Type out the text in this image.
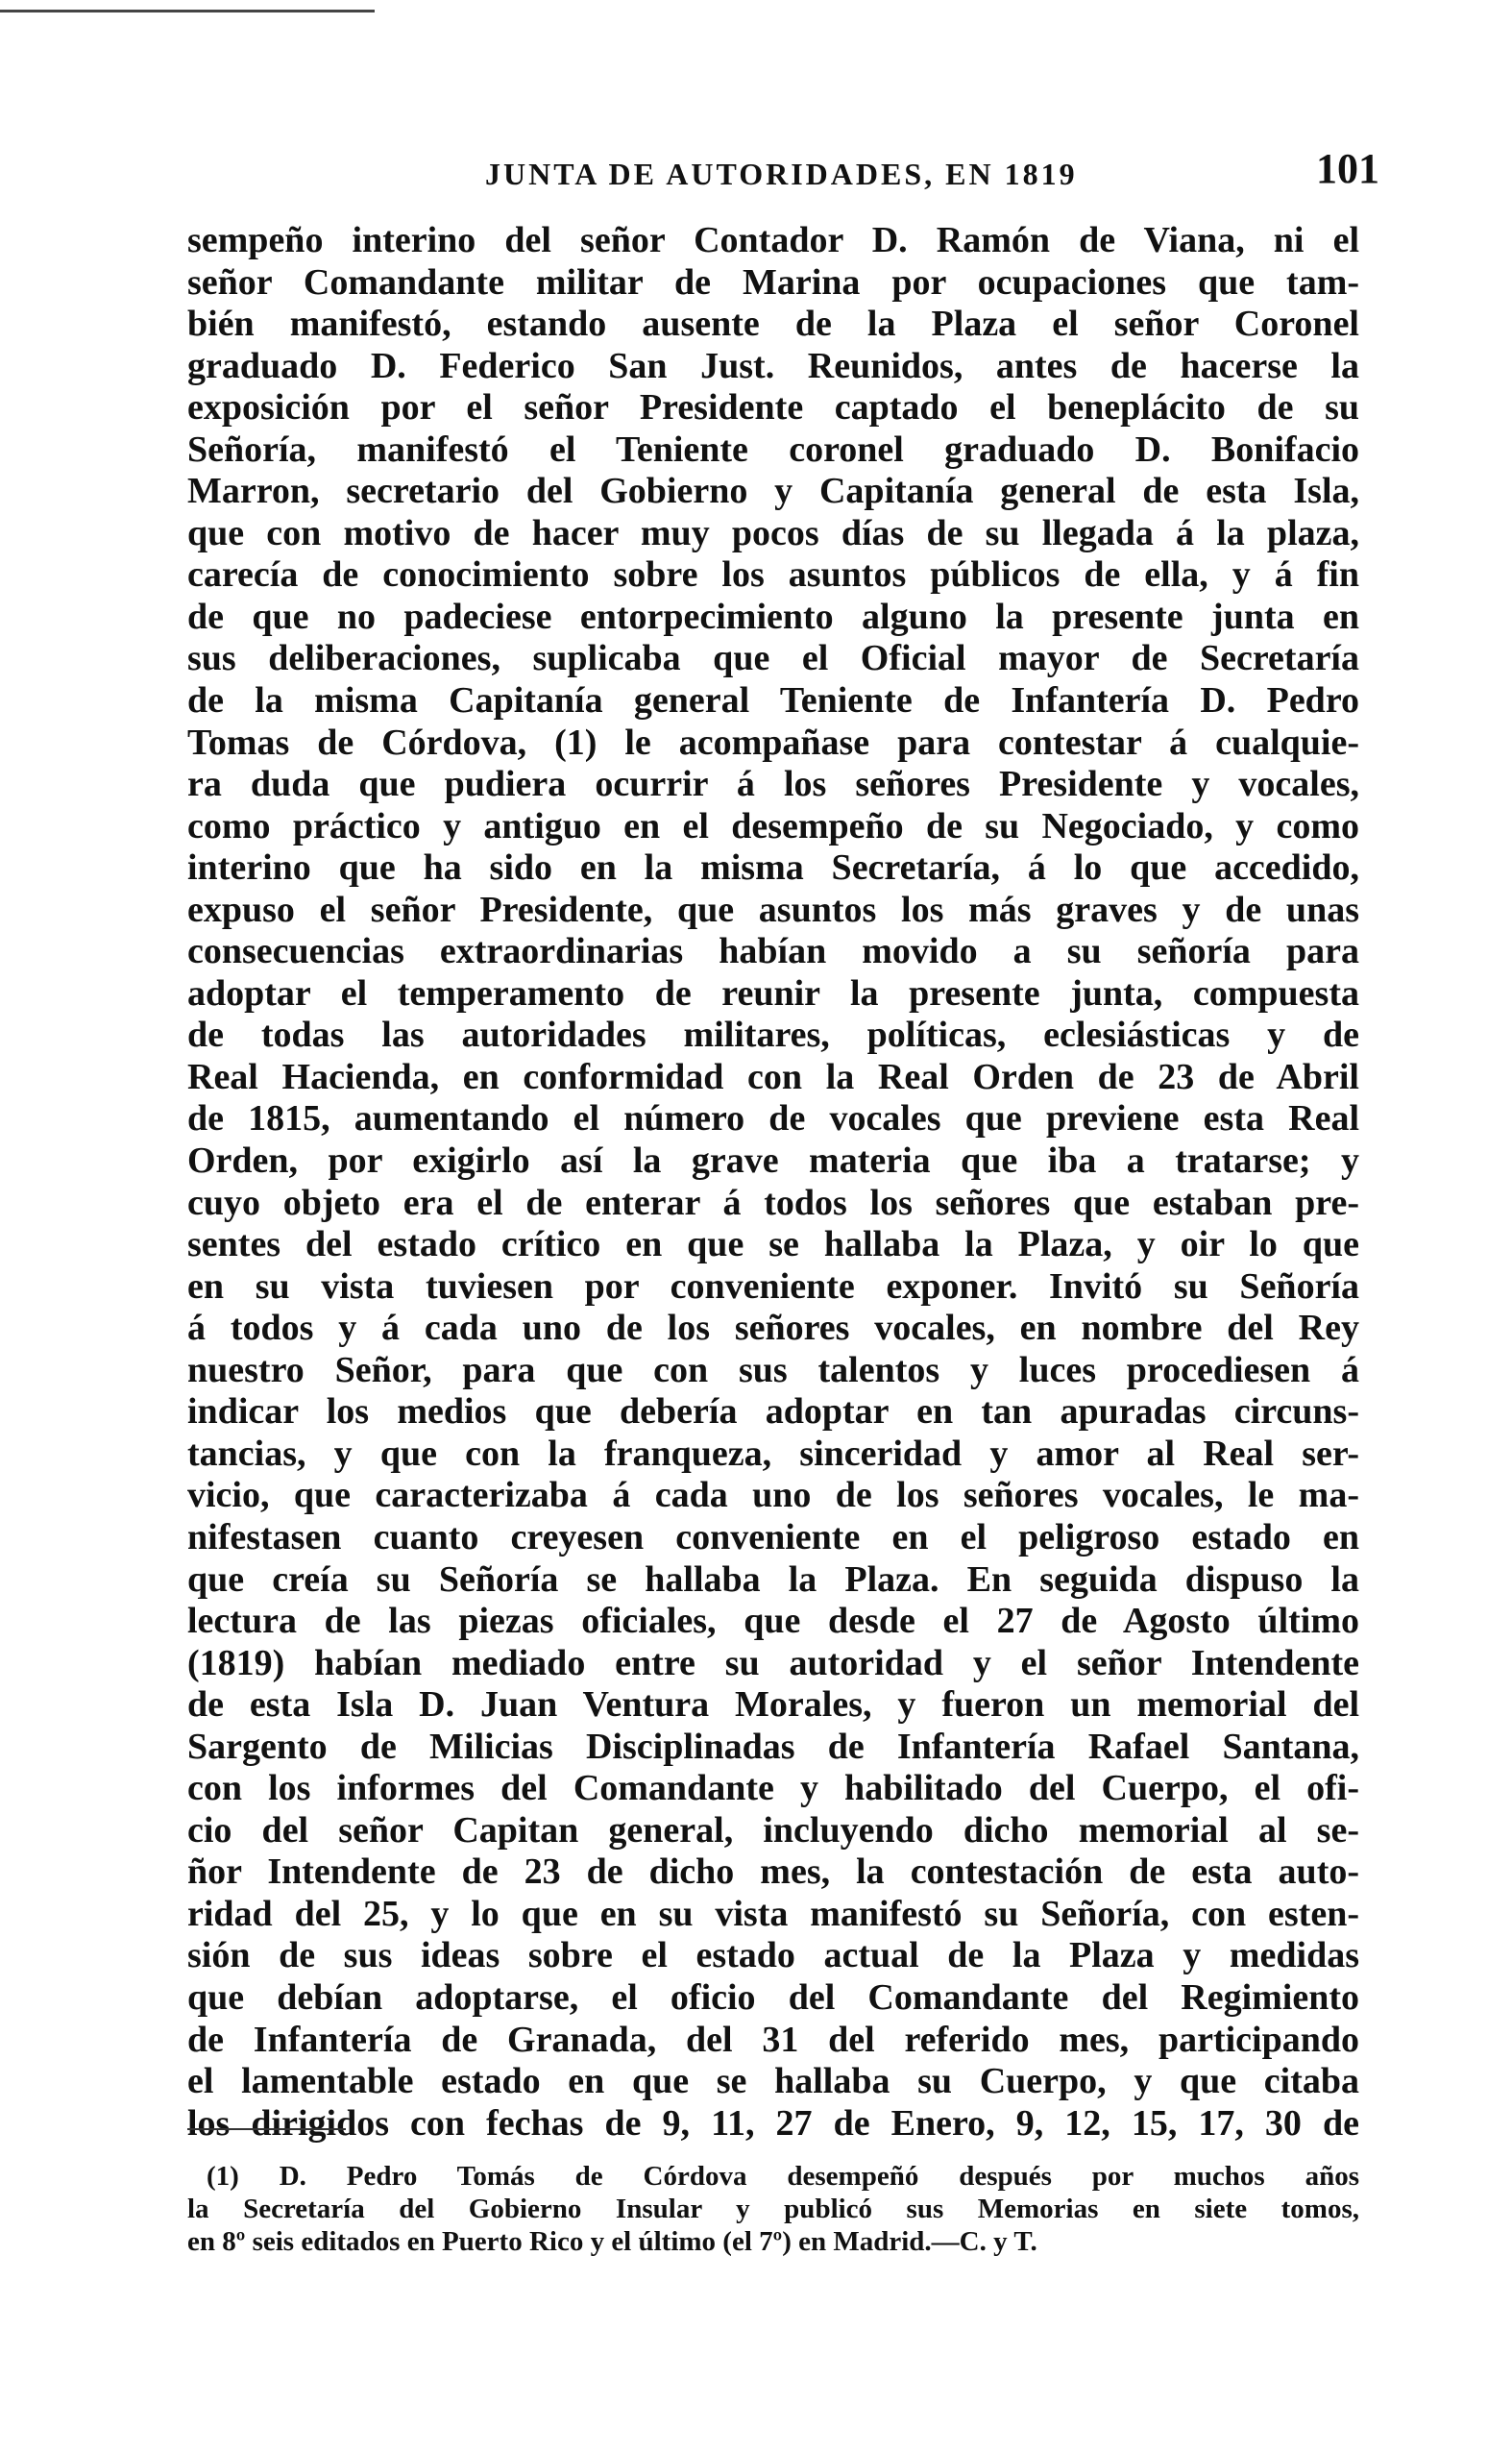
JUNTA DE AUTORIDADES, EN 1819	101
sempeño interino del señor Contador D. Ramón de Viana, ni el
señor Comandante militar de Marina por ocupaciones que tam-
bién manifestó, estando ausente de la Plaza el señor Coronel
graduado D. Federico San Just. Reunidos, antes de hacerse la
exposición por el señor Presidente captado el beneplácito de su
Señoría, manifestó el Teniente coronel graduado D. Bonifacio
Marron, secretario del Gobierno y Capitanía general de esta Isla,
que con motivo de hacer muy pocos días de su llegada á la plaza,
carecía de conocimiento sobre los asuntos públicos de ella, y á fin
de que no padeciese entorpecimiento alguno la presente junta en
sus deliberaciones, suplicaba que el Oficial mayor de Secretaría
de la misma Capitanía general Teniente de Infantería D. Pedro
Tomas de Córdova, (1) le acompañase para contestar á cualquie-
ra duda que pudiera ocurrir á los señores Presidente y vocales,
como práctico y antiguo en el desempeño de su Negociado, y como
interino que ha sido en la misma Secretaría, á lo que accedido,
expuso el señor Presidente, que asuntos los más graves y de unas
consecuencias extraordinarias habían movido a su señoría para
adoptar el temperamento de reunir la presente junta, compuesta
de todas las autoridades militares, políticas, eclesiásticas y de
Real Hacienda, en conformidad con la Real Orden de 23 de Abril
de 1815, aumentando el número de vocales que previene esta Real
Orden, por exigirlo así la grave materia que iba a tratarse; y
cuyo objeto era el de enterar á todos los señores que estaban pre-
sentes del estado crítico en que se hallaba la Plaza, y oir lo que
en su vista tuviesen por conveniente exponer. Invitó su Señoría
á todos y á cada uno de los señores vocales, en nombre del Rey
nuestro Señor, para que con sus talentos y luces procediesen á
indicar los medios que debería adoptar en tan apuradas circuns-
tancias, y que con la franqueza, sinceridad y amor al Real ser-
vicio, que caracterizaba á cada uno de los señores vocales, le ma-
nifestasen cuanto creyesen conveniente en el peligroso estado en
que creía su Señoría se hallaba la Plaza. En seguida dispuso la
lectura de las piezas oficiales, que desde el 27 de Agosto último
(1819) habían mediado entre su autoridad y el señor Intendente
de esta Isla D. Juan Ventura Morales, y fueron un memorial del
Sargento de Milicias Disciplinadas de Infantería Rafael Santana,
con los informes del Comandante y habilitado del Cuerpo, el ofi-
cio del señor Capitan general, incluyendo dicho memorial al se-
ñor Intendente de 23 de dicho mes, la contestación de esta auto-
ridad del 25, y lo que en su vista manifestó su Señoría, con esten-
sión de sus ideas sobre el estado actual de la Plaza y medidas
que debían adoptarse, el oficio del Comandante del Regimiento
de Infantería de Granada, del 31 del referido mes, participando
el lamentable estado en que se hallaba su Cuerpo, y que citaba
los dirigidos con fechas de 9, 11, 27 de Enero, 9, 12, 15, 17, 30 de
(1) D. Pedro Tomás de Córdova desempeñó después por muchos años
la Secretaría del Gobierno Insular y publicó sus Memorias en siete tomos,
en 8º seis editados en Puerto Rico y el último (el 7º) en Madrid.—C. y T.
